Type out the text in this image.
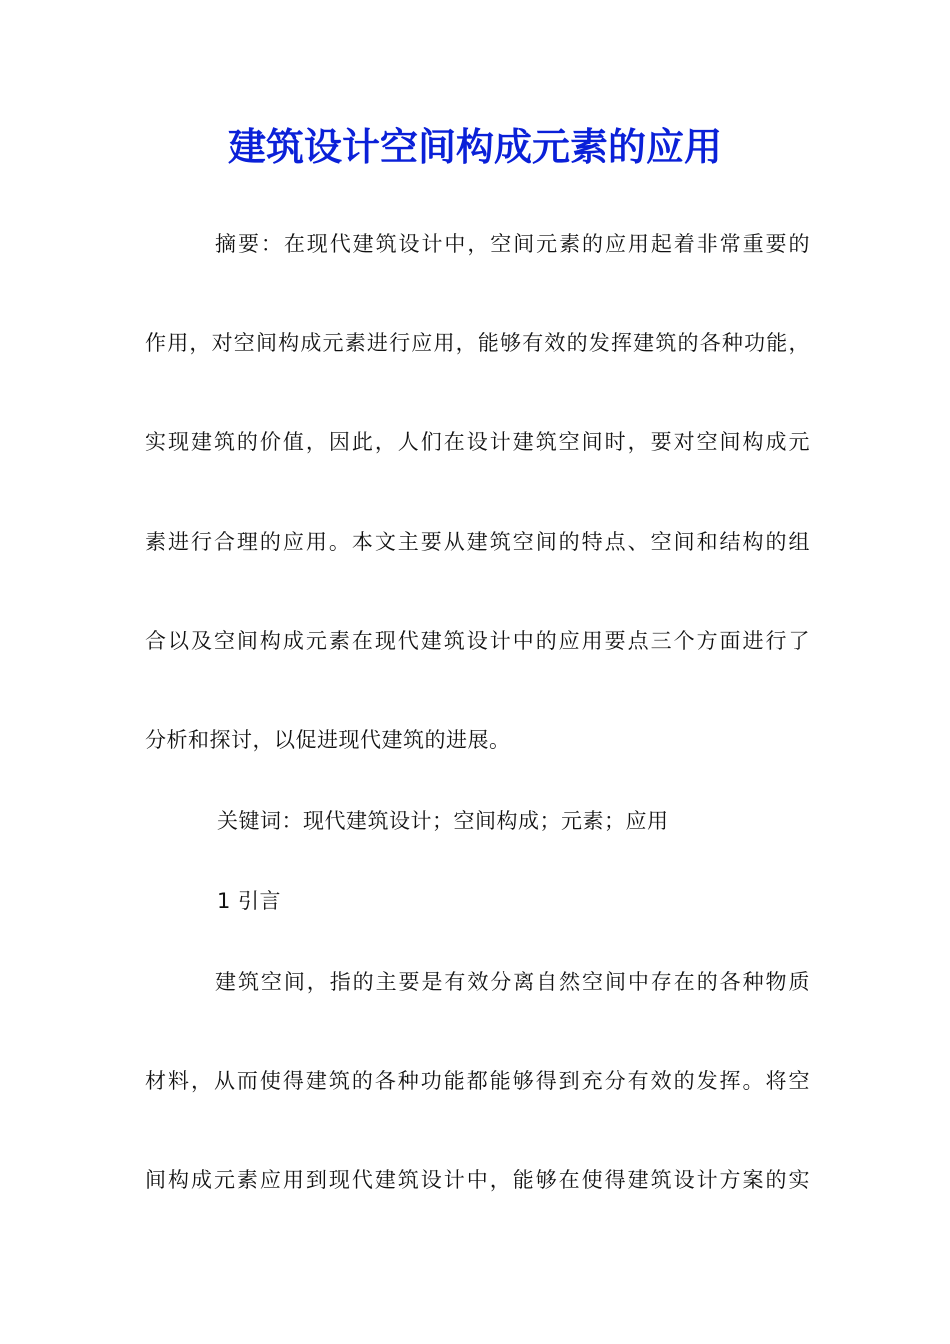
建筑设计空间构成元素的应用
摘要：在现代建筑设计中，空间元素的应用起着非常重要的
作用，对空间构成元素进行应用，能够有效的发挥建筑的各种功能，
实现建筑的价值，因此，人们在设计建筑空间时，要对空间构成元
素进行合理的应用。本文主要从建筑空间的特点、空间和结构的组
合以及空间构成元素在现代建筑设计中的应用要点三个方面进行了
分析和探讨，以促进现代建筑的进展。
关键词：现代建筑设计；空间构成；元素；应用
1 引言
建筑空间，指的主要是有效分离自然空间中存在的各种物质
材料，从而使得建筑的各种功能都能够得到充分有效的发挥。将空
间构成元素应用到现代建筑设计中，能够在使得建筑设计方案的实
